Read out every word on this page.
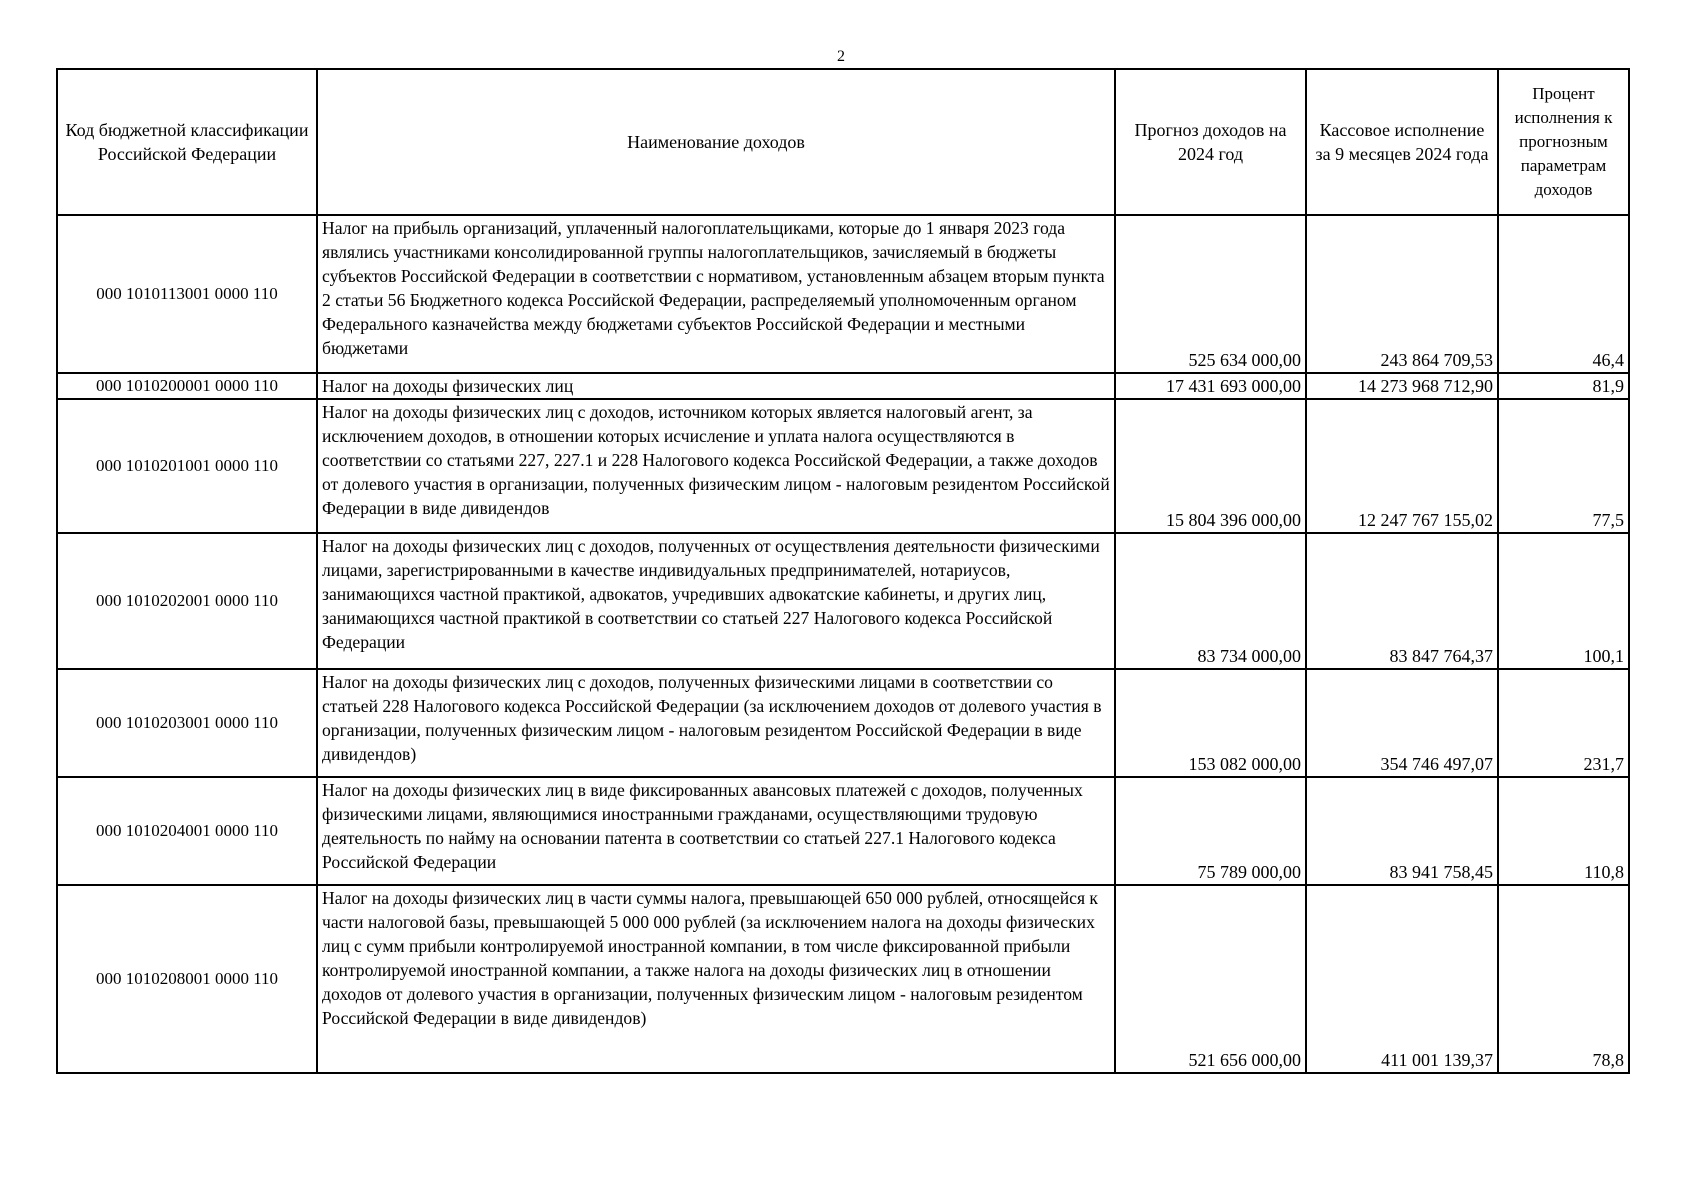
2
Код бюджетной классификации Российской Федерации	Наименование доходов	Прогноз доходов на 2024 год	Кассовое исполнение за 9 месяцев 2024 года	Процент исполнения к прогнозным параметрам доходов
000 1010113001 0000 110	Налог на прибыль организаций, уплаченный налогоплательщиками, которые до 1 января 2023 года являлись участниками консолидированной группы налогоплательщиков, зачисляемый в бюджеты субъектов Российской Федерации в соответствии с нормативом, установленным абзацем вторым пункта 2 статьи 56 Бюджетного кодекса Российской Федерации, распределяемый уполномоченным органом Федерального казначейства между бюджетами субъектов Российской Федерации и местными бюджетами	525 634 000,00	243 864 709,53	46,4
000 1010200001 0000 110	Налог на доходы физических лиц	17 431 693 000,00	14 273 968 712,90	81,9
000 1010201001 0000 110	Налог на доходы физических лиц с доходов, источником которых является налоговый агент, за исключением доходов, в отношении которых исчисление и уплата налога осуществляются в соответствии со статьями 227, 227.1 и 228 Налогового кодекса Российской Федерации, а также доходов от долевого участия в организации, полученных физическим лицом - налоговым резидентом Российской Федерации в виде дивидендов	15 804 396 000,00	12 247 767 155,02	77,5
000 1010202001 0000 110	Налог на доходы физических лиц с доходов, полученных от осуществления деятельности физическими лицами, зарегистрированными в качестве индивидуальных предпринимателей, нотариусов, занимающихся частной практикой, адвокатов, учредивших адвокатские кабинеты, и других лиц, занимающихся частной практикой в соответствии со статьей 227 Налогового кодекса Российской Федерации	83 734 000,00	83 847 764,37	100,1
000 1010203001 0000 110	Налог на доходы физических лиц с доходов, полученных физическими лицами в соответствии со статьей 228 Налогового кодекса Российской Федерации (за исключением доходов от долевого участия в организации, полученных физическим лицом - налоговым резидентом Российской Федерации в виде дивидендов)	153 082 000,00	354 746 497,07	231,7
000 1010204001 0000 110	Налог на доходы физических лиц в виде фиксированных авансовых платежей с доходов, полученных физическими лицами, являющимися иностранными гражданами, осуществляющими трудовую деятельность по найму на основании патента в соответствии со статьей 227.1 Налогового кодекса Российской Федерации	75 789 000,00	83 941 758,45	110,8
000 1010208001 0000 110	Налог на доходы физических лиц в части суммы налога, превышающей 650 000 рублей, относящейся к части налоговой базы, превышающей 5 000 000 рублей (за исключением налога на доходы физических лиц с сумм прибыли контролируемой иностранной компании, в том числе фиксированной прибыли контролируемой иностранной компании, а также налога на доходы физических лиц в отношении доходов от долевого участия в организации, полученных физическим лицом - налоговым резидентом Российской Федерации в виде дивидендов)	521 656 000,00	411 001 139,37	78,8
